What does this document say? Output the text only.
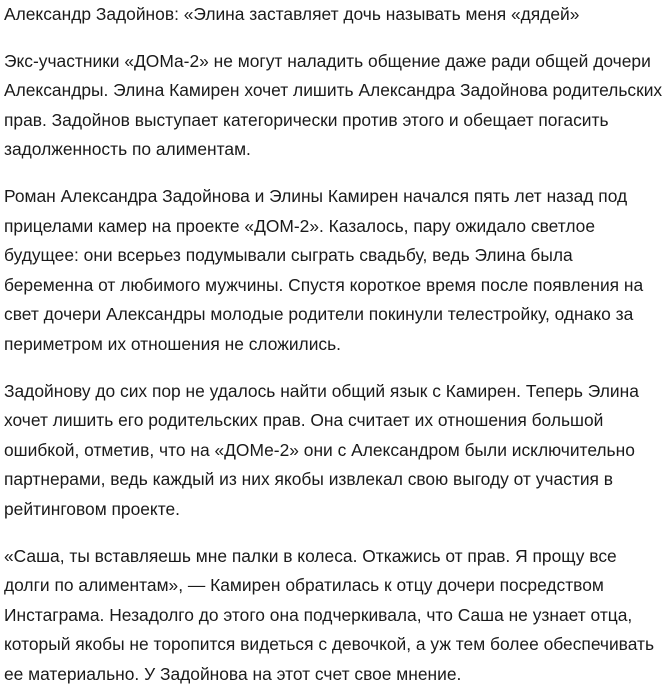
Александр Задойнов: «Элина заставляет дочь называть меня «дядей»

Экс-участники «ДОМа-2» не могут наладить общение даже ради общей дочери Александры. Элина Камирен хочет лишить Александра Задойнова родительских прав. Задойнов выступает категорически против этого и обещает погасить задолженность по алиментам.

Роман Александра Задойнова и Элины Камирен начался пять лет назад под прицелами камер на проекте «ДОМ-2». Казалось, пару ожидало светлое будущее: они всерьез подумывали сыграть свадьбу, ведь Элина была беременна от любимого мужчины. Спустя короткое время после появления на свет дочери Александры молодые родители покинули телестройку, однако за периметром их отношения не сложились.

Задойнову до сих пор не удалось найти общий язык с Камирен. Теперь Элина хочет лишить его родительских прав. Она считает их отношения большой ошибкой, отметив, что на «ДОМе-2» они с Александром были исключительно партнерами, ведь каждый из них якобы извлекал свою выгоду от участия в рейтинговом проекте.

«Саша, ты вставляешь мне палки в колеса. Откажись от прав. Я прощу все долги по алиментам», — Камирен обратилась к отцу дочери посредством Инстаграма. Незадолго до этого она подчеркивала, что Саша не узнает отца, который якобы не торопится видеться с девочкой, а уж тем более обеспечивать ее материально. У Задойнова на этот счет свое мнение.
